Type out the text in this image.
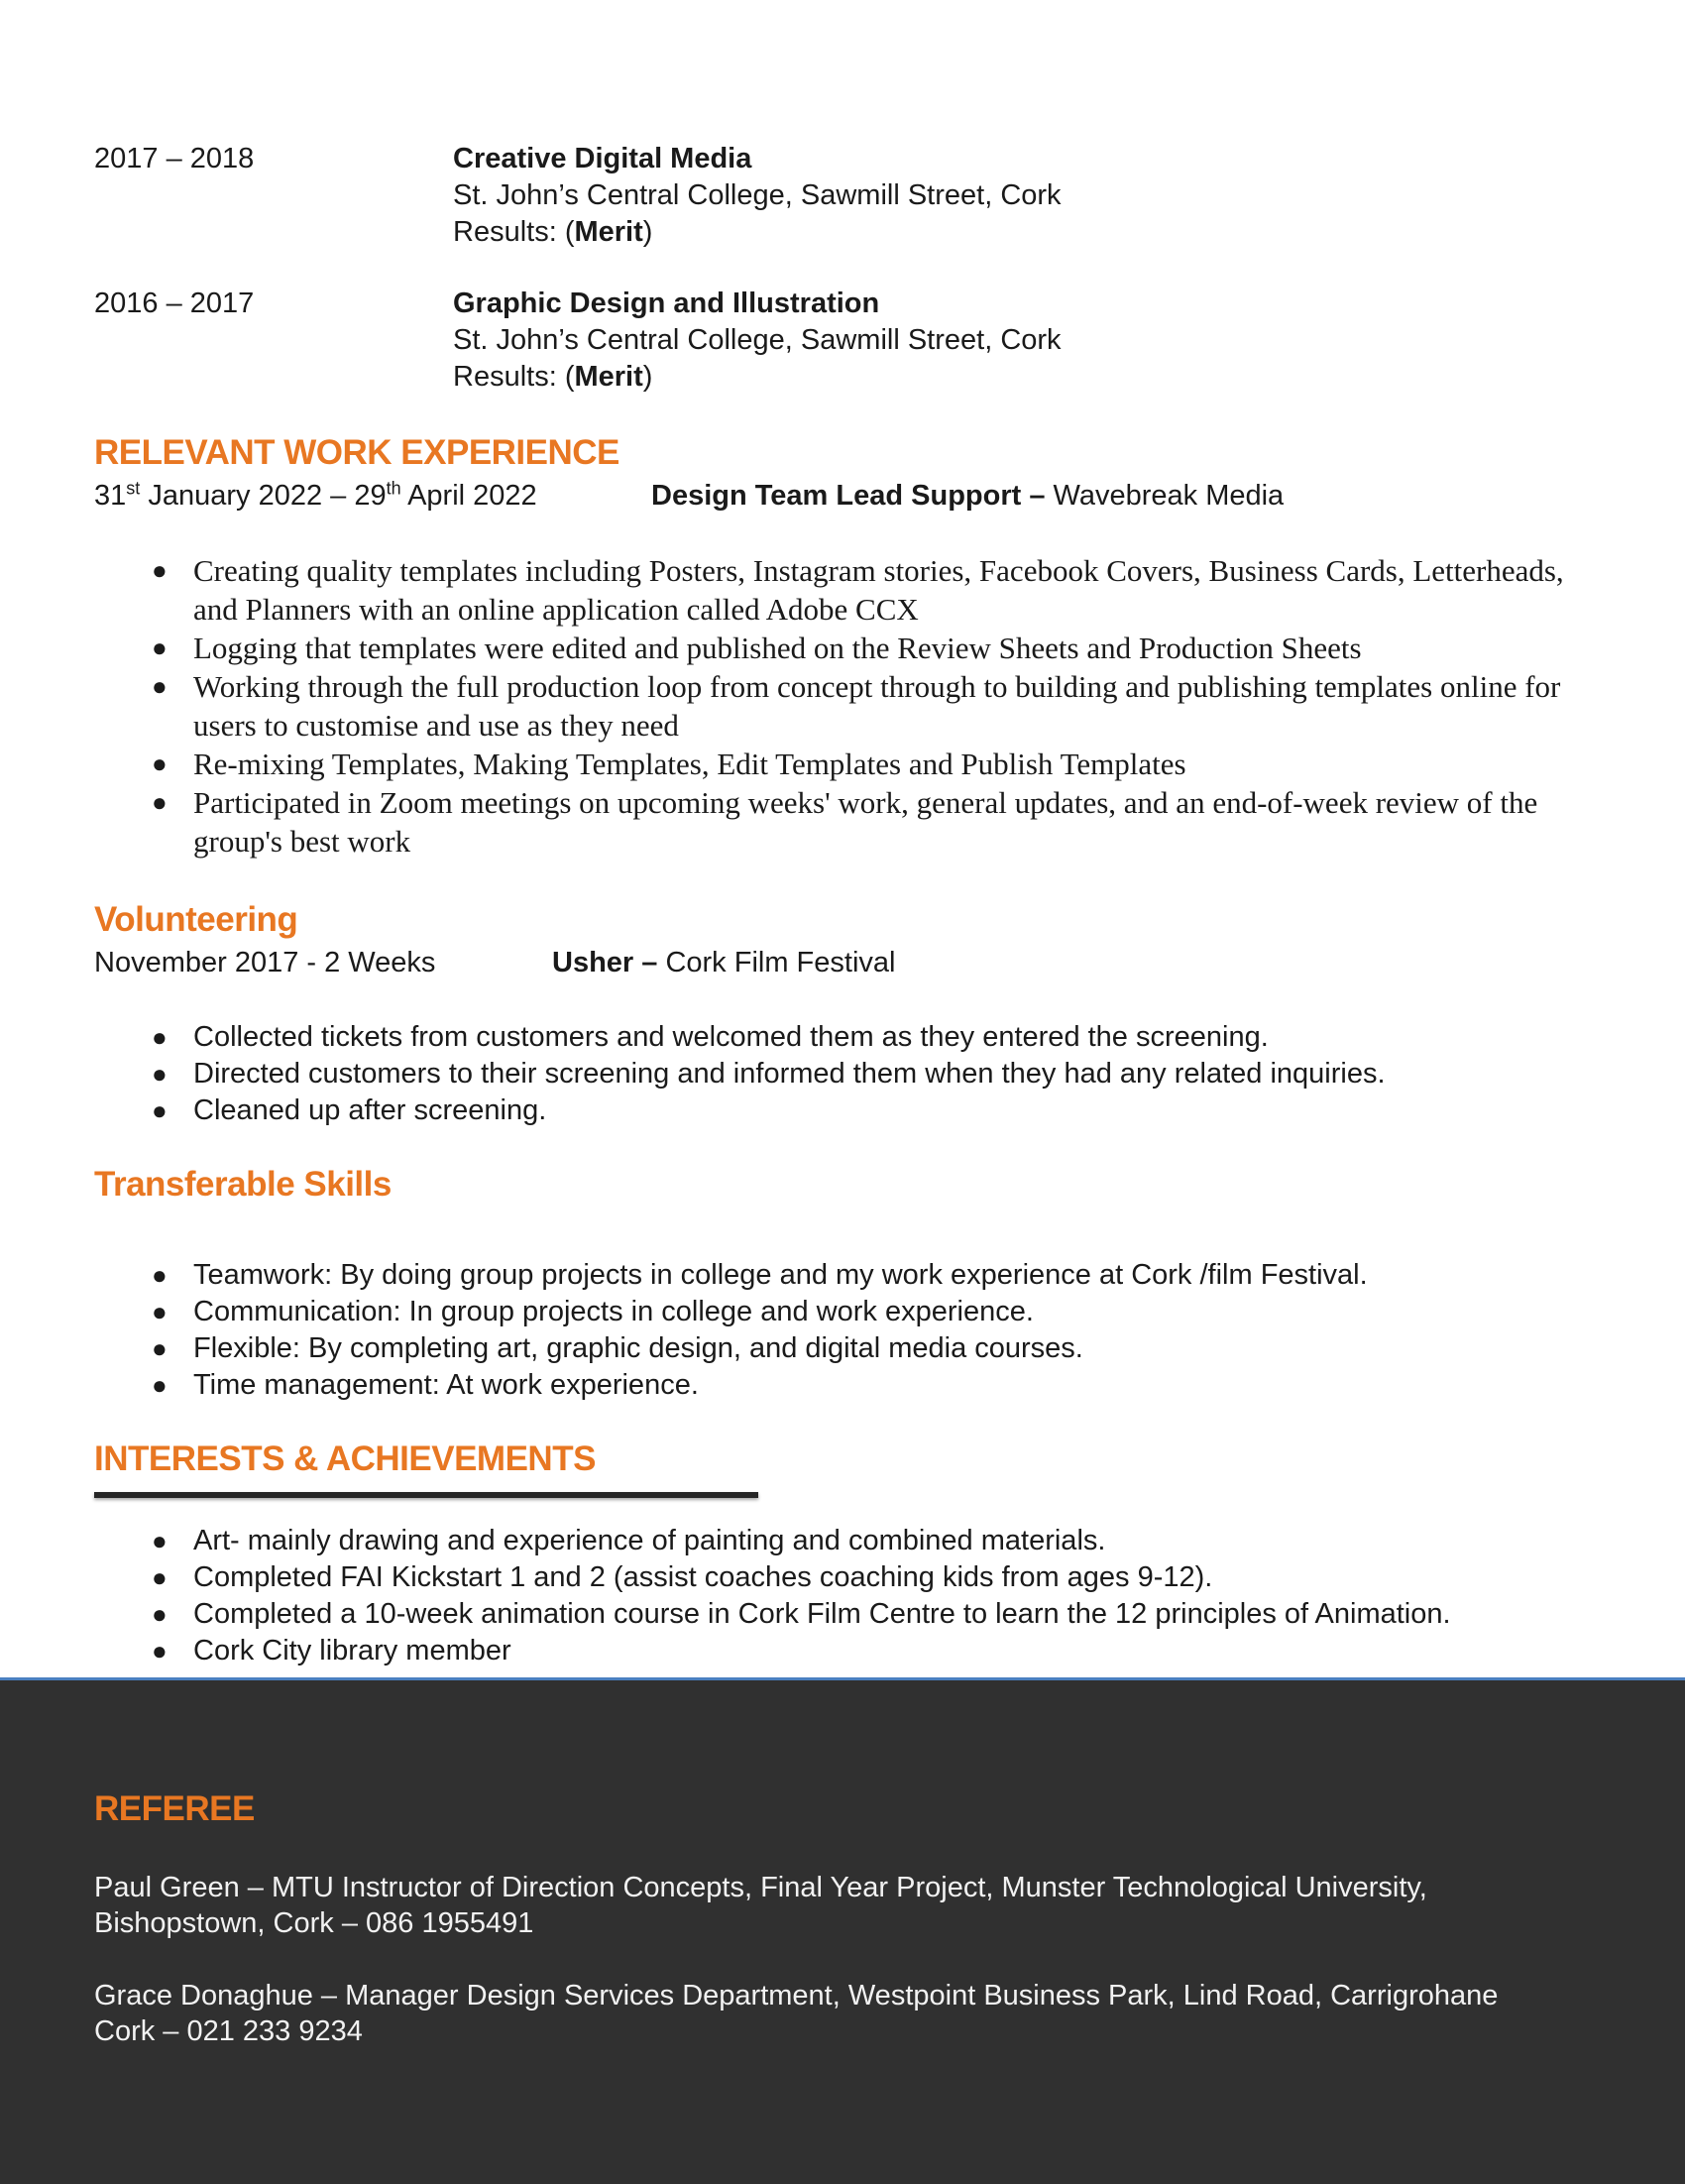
2017 – 2018	Creative Digital Media
St. John’s Central College, Sawmill Street, Cork
Results: (Merit)
2016 – 2017	Graphic Design and Illustration
St. John’s Central College, Sawmill Street, Cork
Results: (Merit)
RELEVANT WORK EXPERIENCE
31st January 2022 – 29th April 2022	Design Team Lead Support – Wavebreak Media
● Creating quality templates including Posters, Instagram stories, Facebook Covers, Business Cards, Letterheads, and Planners with an online application called Adobe CCX
● Logging that templates were edited and published on the Review Sheets and Production Sheets
● Working through the full production loop from concept through to building and publishing templates online for users to customise and use as they need
● Re-mixing Templates, Making Templates, Edit Templates and Publish Templates
● Participated in Zoom meetings on upcoming weeks' work, general updates, and an end-of-week review of the group's best work
Volunteering
November 2017 - 2 Weeks	Usher – Cork Film Festival
● Collected tickets from customers and welcomed them as they entered the screening.
● Directed customers to their screening and informed them when they had any related inquiries.
● Cleaned up after screening.
Transferable Skills
● Teamwork: By doing group projects in college and my work experience at Cork /film Festival.
● Communication: In group projects in college and work experience.
● Flexible: By completing art, graphic design, and digital media courses.
● Time management: At work experience.
INTERESTS & ACHIEVEMENTS
● Art- mainly drawing and experience of painting and combined materials.
● Completed FAI Kickstart 1 and 2 (assist coaches coaching kids from ages 9-12).
● Completed a 10-week animation course in Cork Film Centre to learn the 12 principles of Animation.
● Cork City library member
REFEREE
Paul Green – MTU Instructor of Direction Concepts, Final Year Project, Munster Technological University,
Bishopstown, Cork – 086 1955491
Grace Donaghue – Manager Design Services Department, Westpoint Business Park, Lind Road, Carrigrohane
Cork – 021 233 9234
